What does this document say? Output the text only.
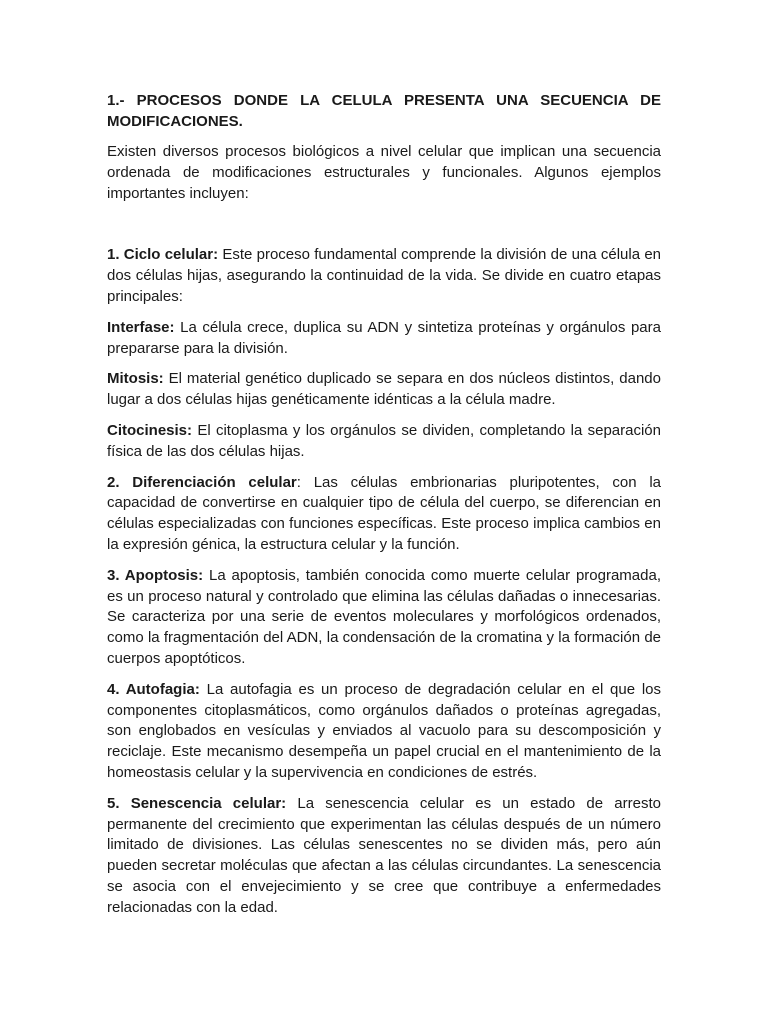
1.- PROCESOS DONDE LA CELULA PRESENTA UNA SECUENCIA DE MODIFICACIONES.

Existen diversos procesos biológicos a nivel celular que implican una secuencia ordenada de modificaciones estructurales y funcionales. Algunos ejemplos importantes incluyen:

1. Ciclo celular: Este proceso fundamental comprende la división de una célula en dos células hijas, asegurando la continuidad de la vida. Se divide en cuatro etapas principales:

Interfase: La célula crece, duplica su ADN y sintetiza proteínas y orgánulos para prepararse para la división.

Mitosis: El material genético duplicado se separa en dos núcleos distintos, dando lugar a dos células hijas genéticamente idénticas a la célula madre.

Citocinesis: El citoplasma y los orgánulos se dividen, completando la separación física de las dos células hijas.

2. Diferenciación celular: Las células embrionarias pluripotentes, con la capacidad de convertirse en cualquier tipo de célula del cuerpo, se diferencian en células especializadas con funciones específicas. Este proceso implica cambios en la expresión génica, la estructura celular y la función.

3. Apoptosis: La apoptosis, también conocida como muerte celular programada, es un proceso natural y controlado que elimina las células dañadas o innecesarias. Se caracteriza por una serie de eventos moleculares y morfológicos ordenados, como la fragmentación del ADN, la condensación de la cromatina y la formación de cuerpos apoptóticos.

4. Autofagia: La autofagia es un proceso de degradación celular en el que los componentes citoplasmáticos, como orgánulos dañados o proteínas agregadas, son englobados en vesículas y enviados al vacuolo para su descomposición y reciclaje. Este mecanismo desempeña un papel crucial en el mantenimiento de la homeostasis celular y la supervivencia en condiciones de estrés.

5. Senescencia celular: La senescencia celular es un estado de arresto permanente del crecimiento que experimentan las células después de un número limitado de divisiones. Las células senescentes no se dividen más, pero aún pueden secretar moléculas que afectan a las células circundantes. La senescencia se asocia con el envejecimiento y se cree que contribuye a enfermedades relacionadas con la edad.
